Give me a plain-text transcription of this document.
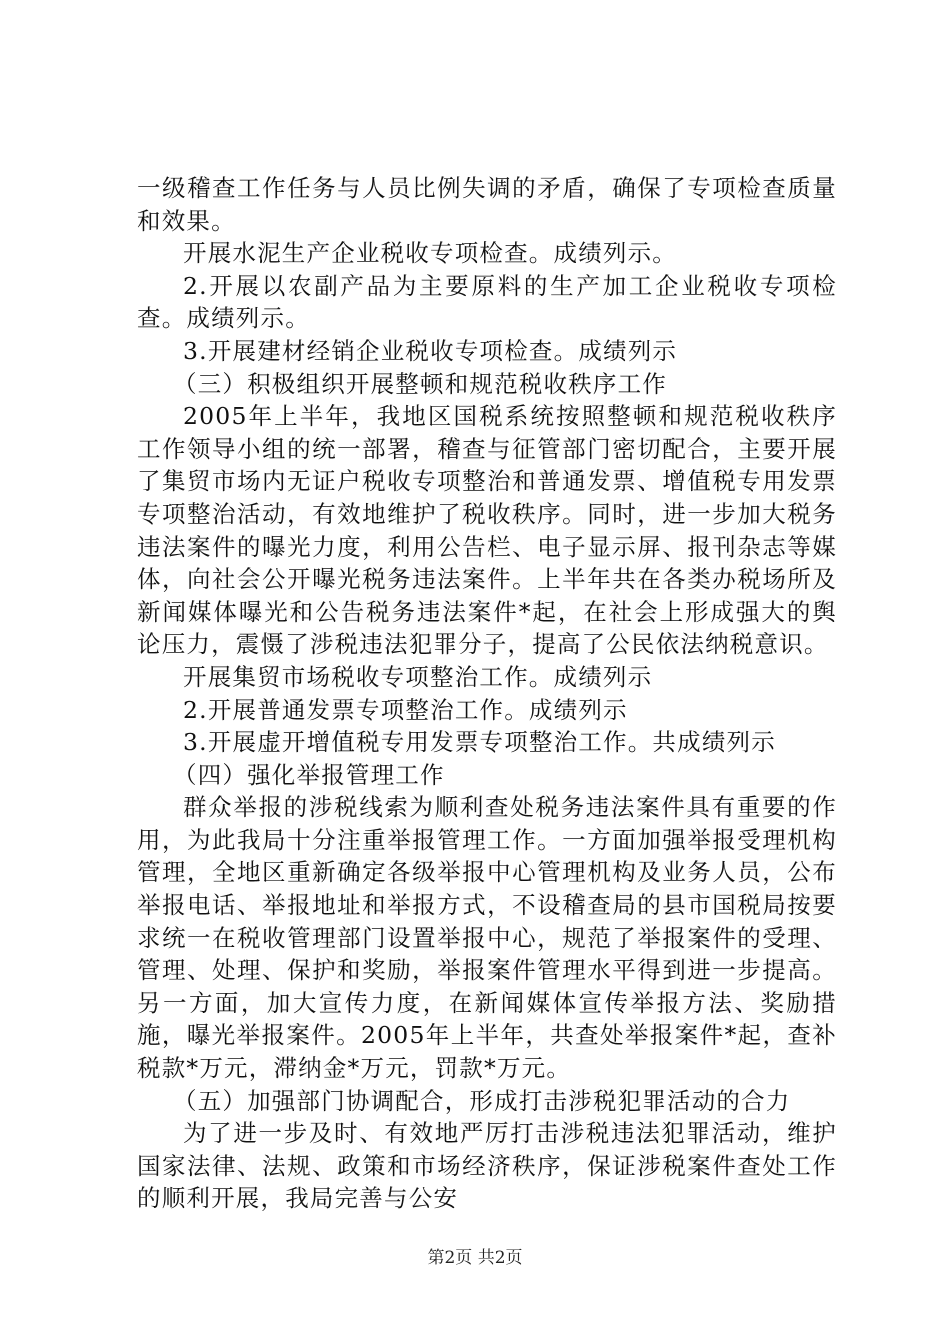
一级稽查工作任务与人员比例失调的矛盾，确保了专项检查质量和效果。

开展水泥生产企业税收专项检查。成绩列示。

2.开展以农副产品为主要原料的生产加工企业税收专项检查。成绩列示。

3.开展建材经销企业税收专项检查。成绩列示

（三）积极组织开展整顿和规范税收秩序工作

2005年上半年，我地区国税系统按照整顿和规范税收秩序工作领导小组的统一部署，稽查与征管部门密切配合，主要开展了集贸市场内无证户税收专项整治和普通发票、增值税专用发票专项整治活动，有效地维护了税收秩序。同时，进一步加大税务违法案件的曝光力度，利用公告栏、电子显示屏、报刊杂志等媒体，向社会公开曝光税务违法案件。上半年共在各类办税场所及新闻媒体曝光和公告税务违法案件*起，在社会上形成强大的舆论压力，震慑了涉税违法犯罪分子，提高了公民依法纳税意识。

开展集贸市场税收专项整治工作。成绩列示

2.开展普通发票专项整治工作。成绩列示

3.开展虚开增值税专用发票专项整治工作。共成绩列示

（四）强化举报管理工作

群众举报的涉税线索为顺利查处税务违法案件具有重要的作用，为此我局十分注重举报管理工作。一方面加强举报受理机构管理，全地区重新确定各级举报中心管理机构及业务人员，公布举报电话、举报地址和举报方式，不设稽查局的县市国税局按要求统一在税收管理部门设置举报中心，规范了举报案件的受理、管理、处理、保护和奖励，举报案件管理水平得到进一步提高。另一方面，加大宣传力度，在新闻媒体宣传举报方法、奖励措施，曝光举报案件。2005年上半年，共查处举报案件*起，查补税款*万元，滞纳金*万元，罚款*万元。

（五）加强部门协调配合，形成打击涉税犯罪活动的合力

为了进一步及时、有效地严厉打击涉税违法犯罪活动，维护国家法律、法规、政策和市场经济秩序，保证涉税案件查处工作的顺利开展，我局完善与公安

第2页 共2页
